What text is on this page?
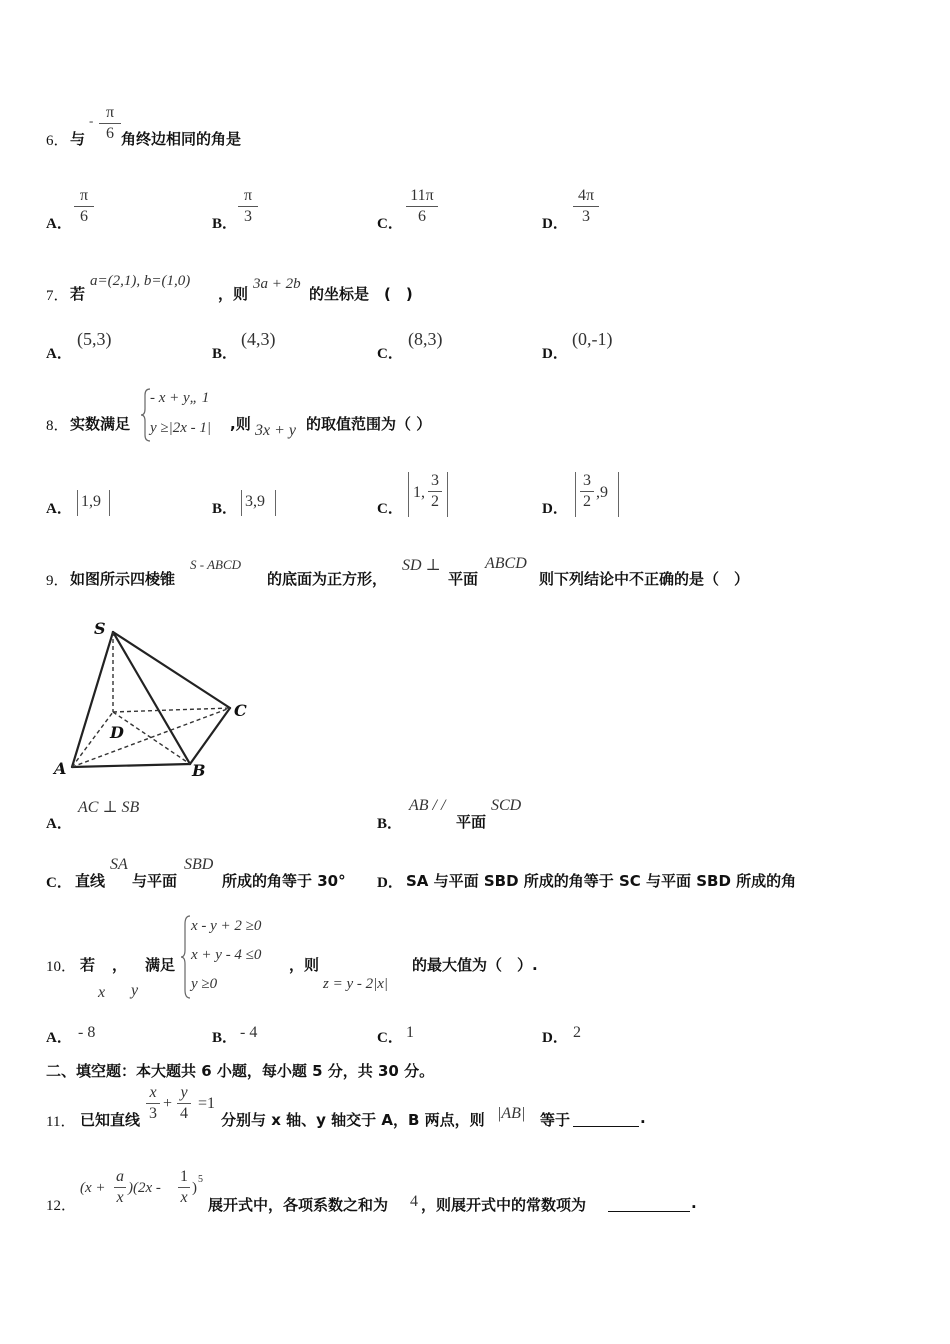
6． 与
- π
6 角终边相同的角是
A．
π
6	B．
π
3	C．
11π
6	D．
4π
3
7． 若
a=(2,1), b=(1,0)
，则
3a + 2b
的坐标是　(　)
A．
(5,3)
B．
(4,3)
C．
(8,3)
D．
(0,-1)
8． 实数满足
- x + y„ 1
y ≥|2x - 1| ,则 3x + y 的取值范围为（ ）
A． 1,9	B． 3,9	C．
1,
3
2	D．
3
2
,9
9． 如图所示四棱锥
S - ABCD
的底面为正方形，
SD ⊥
平面
ABCD
则下列结论中不正确的是（　）
S
A	B
C
D
A．
AC ⊥ SB
B．
AB / /
平面
SCD
C． 直线
SA
与平面
SBD
所成的角等于 30° D． SA 与平面 SBD 所成的角等于 SC 与平面 SBD 所成的角
10． 若 ，
x y
满足
x - y + 2 ≥0
x + y - 4 ≤0
y ≥0
，则
z = y - 2|x|
的最大值为（　）.
A． - 8	B． - 4	C． 1	D． 2
二、填空题：本大题共 6 小题，每小题 5 分，共 30 分。
11． 已知直线
x
3
+
y
4
=1
分别与 x 轴、y 轴交于 A，B 两点，则 |AB| 等于	.
12．
(x +
a
x
)(2x -
1
x
)
5
展开式中，各项系数之和为 4 ，则展开式中的常数项为	.
